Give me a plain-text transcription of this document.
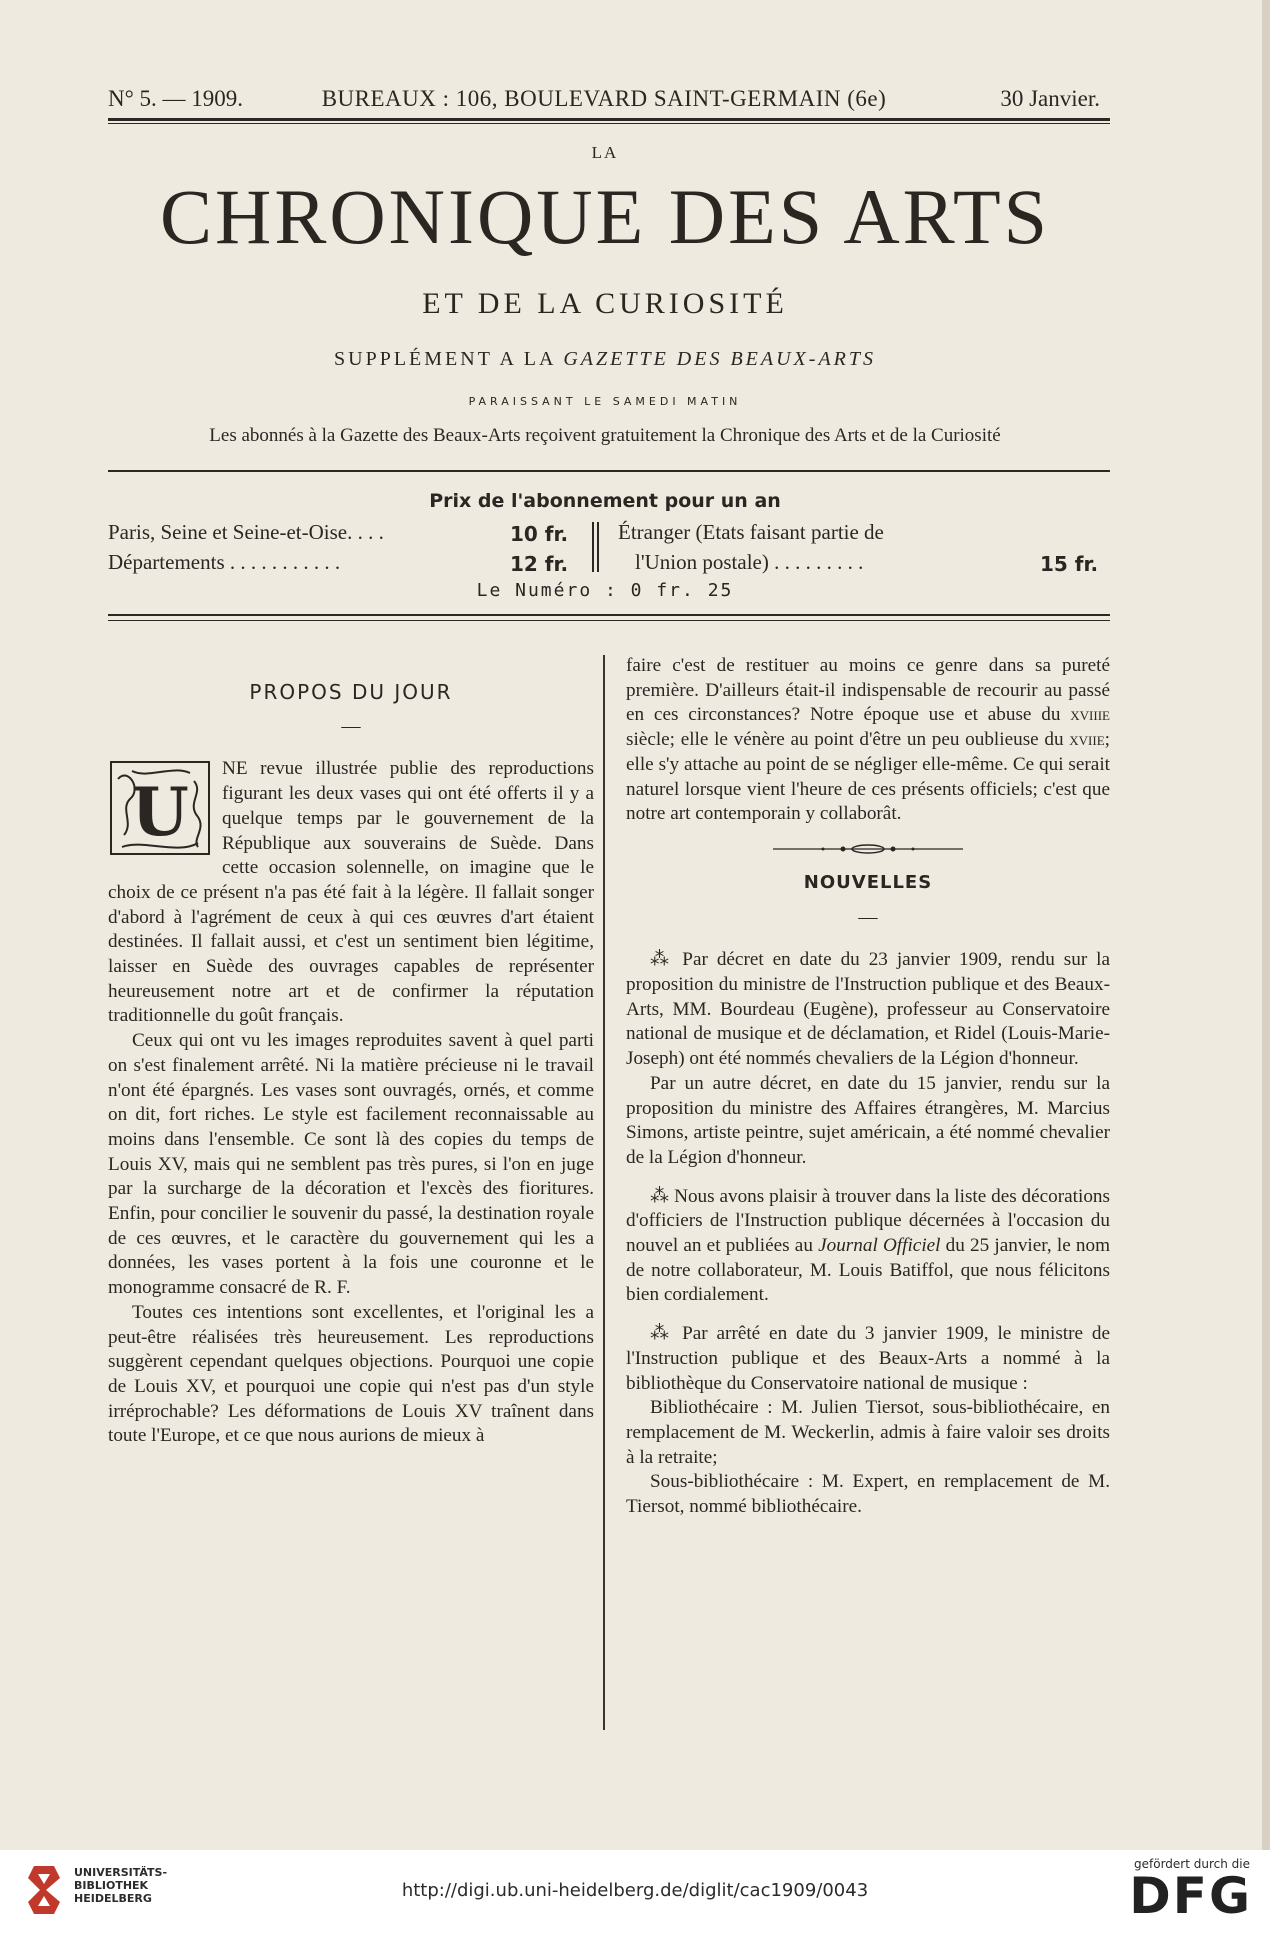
N° 5. — 1909.	BUREAUX : 106, BOULEVARD SAINT-GERMAIN (6e)	30 Janvier.
LA
CHRONIQUE DES ARTS
ET DE LA CURIOSITÉ
SUPPLÉMENT A LA GAZETTE DES BEAUX-ARTS
PARAISSANT LE SAMEDI MATIN
Les abonnés à la Gazette des Beaux-Arts reçoivent gratuitement la Chronique des Arts et de la Curiosité
Prix de l'abonnement pour un an
Paris, Seine et Seine-et-Oise. . . .	10 fr.
Départements . . . . . . . . . . .	12 fr.
Étranger (Etats faisant partie de
l'Union postale) . . . . . . . . .	15 fr.
Le Numéro : 0 fr. 25
PROPOS DU JOUR
—

U
NE revue illustrée publie des reproductions figurant les deux vases qui ont été offerts il y a quelque temps par le gouvernement de la République aux souverains de Suède. Dans cette occasion solennelle, on imagine que le choix de ce présent n'a pas été fait à la légère. Il fallait songer d'abord à l'agrément de ceux à qui ces œuvres d'art étaient destinées. Il fallait aussi, et c'est un sentiment bien légitime, laisser en Suède des ouvrages capables de représenter heureusement notre art et de confirmer la réputation traditionnelle du goût français.

Ceux qui ont vu les images reproduites savent à quel parti on s'est finalement arrêté. Ni la matière précieuse ni le travail n'ont été épargnés. Les vases sont ouvragés, ornés, et comme on dit, fort riches. Le style est facilement reconnaissable au moins dans l'ensemble. Ce sont là des copies du temps de Louis XV, mais qui ne semblent pas très pures, si l'on en juge par la surcharge de la décoration et l'excès des fioritures. Enfin, pour concilier le souvenir du passé, la destination royale de ces œuvres, et le caractère du gouvernement qui les a données, les vases portent à la fois une couronne et le monogramme consacré de R. F.

Toutes ces intentions sont excellentes, et l'original les a peut-être réalisées très heureusement. Les reproductions suggèrent cependant quelques objections. Pourquoi une copie de Louis XV, et pourquoi une copie qui n'est pas d'un style irréprochable? Les déformations de Louis XV traînent dans toute l'Europe, et ce que nous aurions de mieux à

faire c'est de restituer au moins ce genre dans sa pureté première. D'ailleurs était-il indispensable de recourir au passé en ces circonstances? Notre époque use et abuse du xviiie siècle; elle le vénère au point d'être un peu oublieuse du xviie; elle s'y attache au point de se négliger elle-même. Ce qui serait naturel lorsque vient l'heure de ces présents officiels; c'est que notre art contemporain y collaborât.

NOUVELLES
—

⁂ Par décret en date du 23 janvier 1909, rendu sur la proposition du ministre de l'Instruction publique et des Beaux-Arts, MM. Bourdeau (Eugène), professeur au Conservatoire national de musique et de déclamation, et Ridel (Louis-Marie-Joseph) ont été nommés chevaliers de la Légion d'honneur.

Par un autre décret, en date du 15 janvier, rendu sur la proposition du ministre des Affaires étrangères, M. Marcius Simons, artiste peintre, sujet américain, a été nommé chevalier de la Légion d'honneur.

⁂ Nous avons plaisir à trouver dans la liste des décorations d'officiers de l'Instruction publique décernées à l'occasion du nouvel an et publiées au Journal Officiel du 25 janvier, le nom de notre collaborateur, M. Louis Batiffol, que nous félicitons bien cordialement.

⁂ Par arrêté en date du 3 janvier 1909, le ministre de l'Instruction publique et des Beaux-Arts a nommé à la bibliothèque du Conservatoire national de musique :

Bibliothécaire : M. Julien Tiersot, sous-bibliothécaire, en remplacement de M. Weckerlin, admis à faire valoir ses droits à la retraite;

Sous-bibliothécaire : M. Expert, en remplacement de M. Tiersot, nommé bibliothécaire.

UNIVERSITÄTS-
BIBLIOTHEK
HEIDELBERG	http://digi.ub.uni-heidelberg.de/diglit/cac1909/0043
gefördert durch die
DFG
